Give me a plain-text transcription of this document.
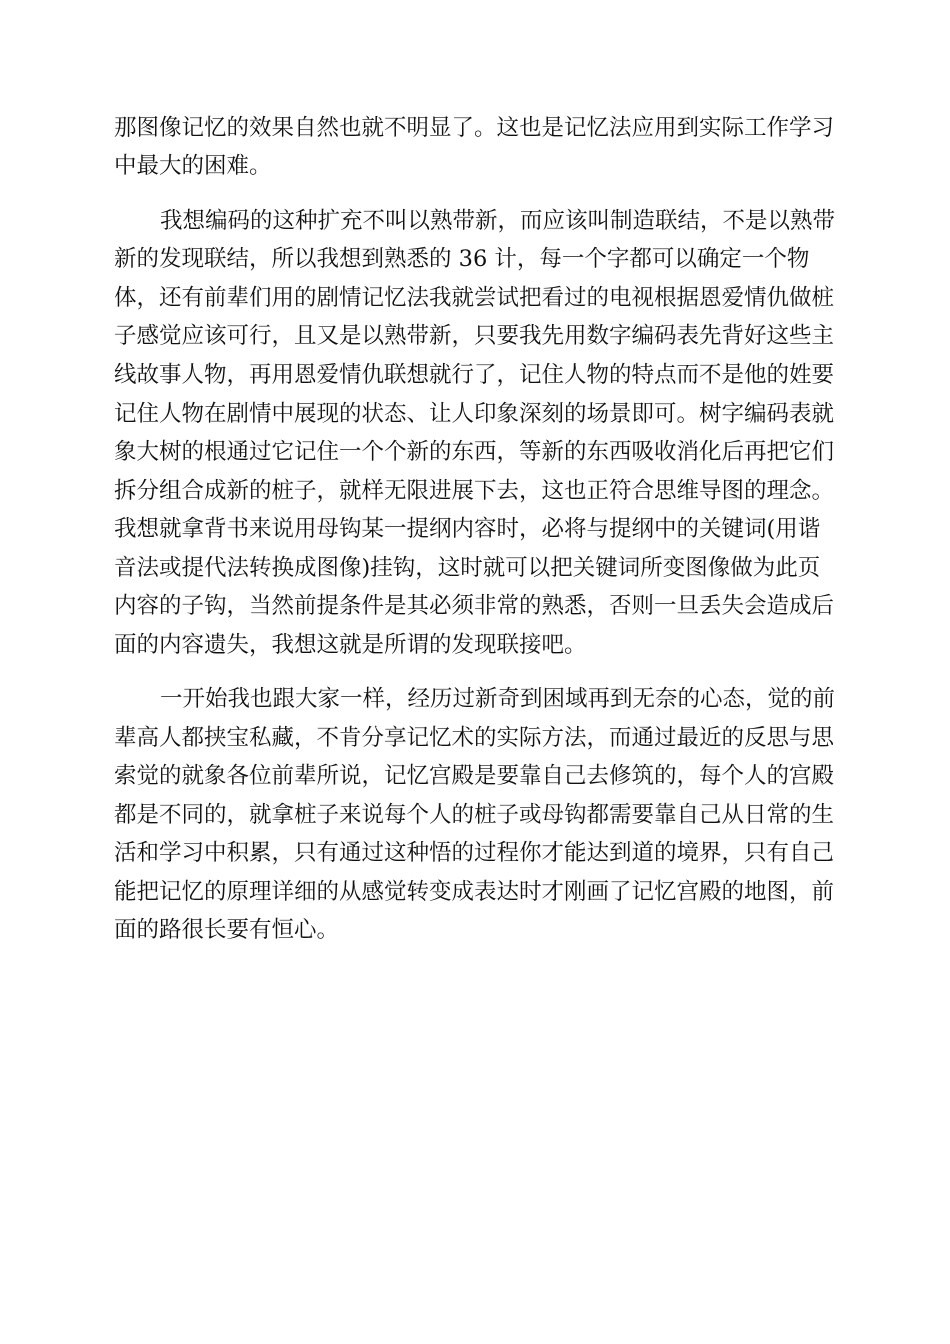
那图像记忆的效果自然也就不明显了。这也是记忆法应用到实际工作学习
中最大的困难。
我想编码的这种扩充不叫以熟带新，而应该叫制造联结，不是以熟带
新的发现联结，所以我想到熟悉的 36 计，每一个字都可以确定一个物
体，还有前辈们用的剧情记忆法我就尝试把看过的电视根据恩爱情仇做桩
子感觉应该可行，且又是以熟带新，只要我先用数字编码表先背好这些主
线故事人物，再用恩爱情仇联想就行了，记住人物的特点而不是他的姓要
记住人物在剧情中展现的状态、让人印象深刻的场景即可。树字编码表就
象大树的根通过它记住一个个新的东西，等新的东西吸收消化后再把它们
拆分组合成新的桩子，就样无限进展下去，这也正符合思维导图的理念。
我想就拿背书来说用母钩某一提纲内容时，必将与提纲中的关键词(用谐
音法或提代法转换成图像)挂钩，这时就可以把关键词所变图像做为此页
内容的子钩，当然前提条件是其必须非常的熟悉，否则一旦丢失会造成后
面的内容遗失，我想这就是所谓的发现联接吧。
一开始我也跟大家一样，经历过新奇到困域再到无奈的心态，觉的前
辈高人都挟宝私藏，不肯分享记忆术的实际方法，而通过最近的反思与思
索觉的就象各位前辈所说，记忆宫殿是要靠自己去修筑的，每个人的宫殿
都是不同的，就拿桩子来说每个人的桩子或母钩都需要靠自己从日常的生
活和学习中积累，只有通过这种悟的过程你才能达到道的境界，只有自己
能把记忆的原理详细的从感觉转变成表达时才刚画了记忆宫殿的地图，前
面的路很长要有恒心。
